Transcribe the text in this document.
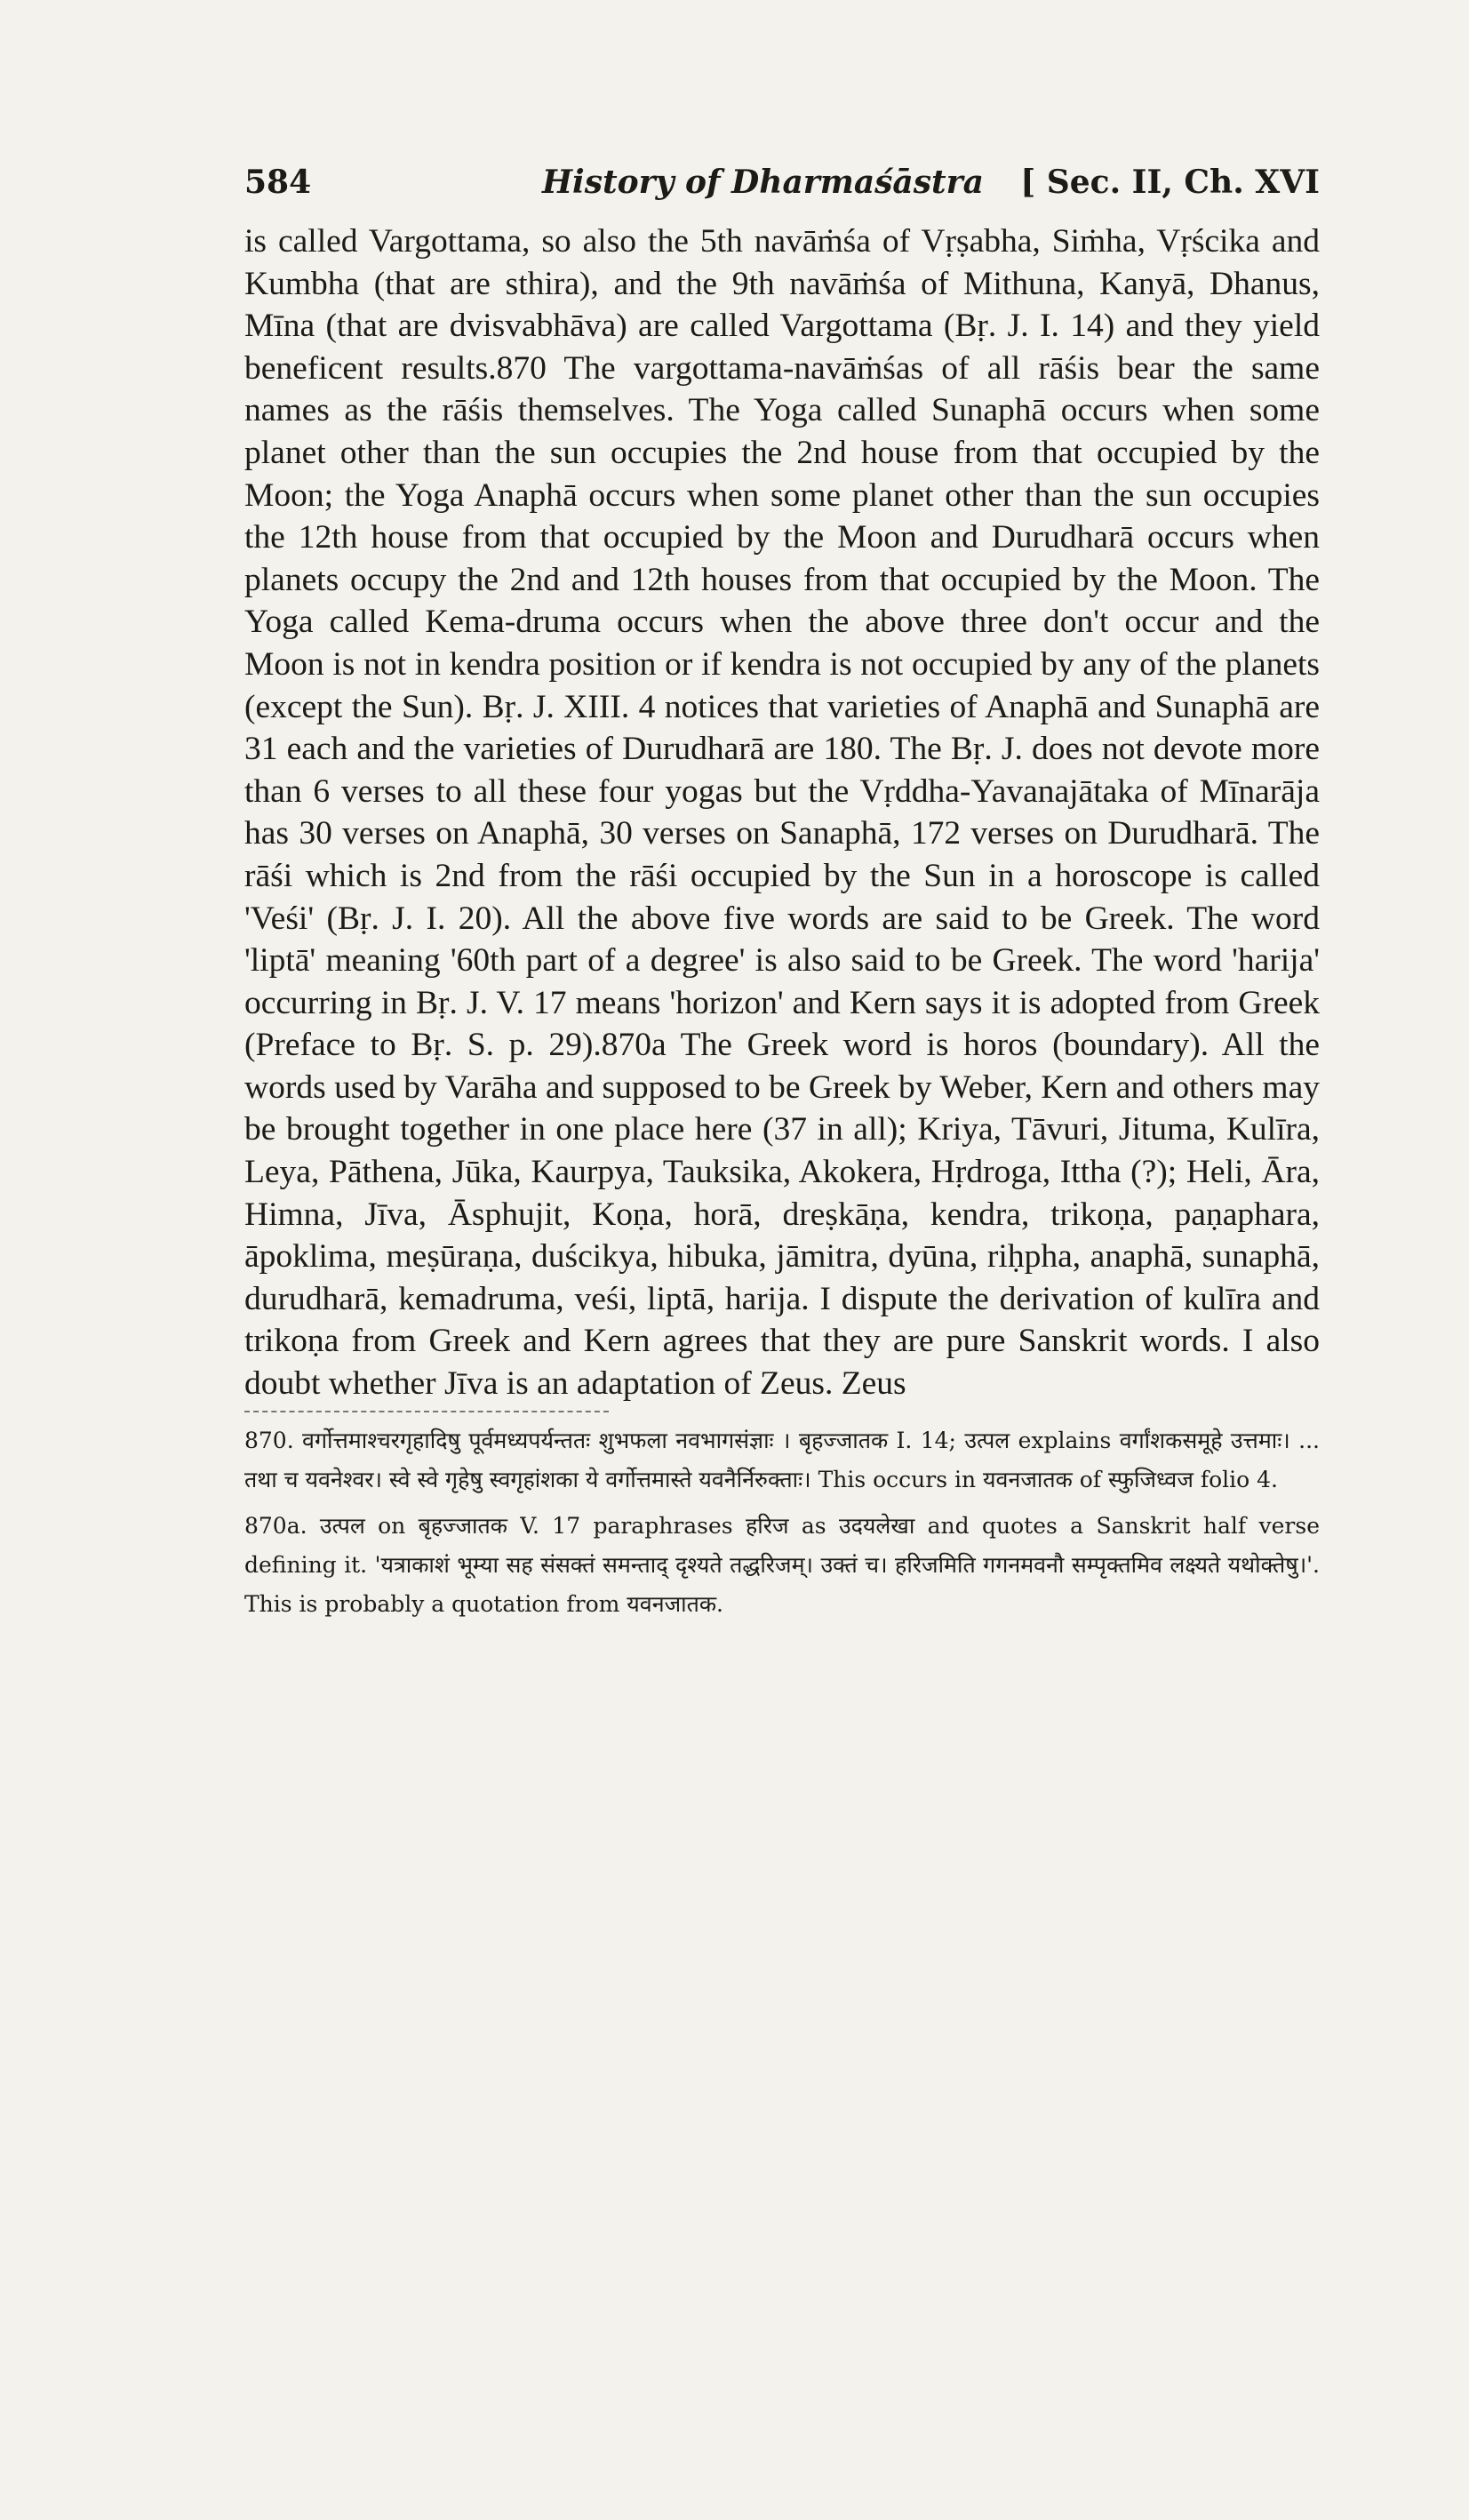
584	History of Dharmaśāstra [ Sec. II, Ch. XVI

is called Vargottama, so also the 5th navāṁśa of Vṛṣabha, Siṁha, Vṛścika and Kumbha (that are sthira), and the 9th navāṁśa of Mithuna, Kanyā, Dhanus, Mīna (that are dvisvabhāva) are called Vargottama (Bṛ. J. I. 14) and they yield beneficent results.870 The vargottama-navāṁśas of all rāśis bear the same names as the rāśis themselves. The Yoga called Sunaphā occurs when some planet other than the sun occupies the 2nd house from that occupied by the Moon; the Yoga Anaphā occurs when some planet other than the sun occupies the 12th house from that occupied by the Moon and Durudharā occurs when planets occupy the 2nd and 12th houses from that occupied by the Moon. The Yoga called Kema-druma occurs when the above three don't occur and the Moon is not in kendra position or if kendra is not occupied by any of the planets (except the Sun). Bṛ. J. XIII. 4 notices that varieties of Anaphā and Sunaphā are 31 each and the varieties of Durudharā are 180. The Bṛ. J. does not devote more than 6 verses to all these four yogas but the Vṛddha-Yavanajātaka of Mīnarāja has 30 verses on Anaphā, 30 verses on Sanaphā, 172 verses on Durudharā. The rāśi which is 2nd from the rāśi occupied by the Sun in a horoscope is called 'Veśi' (Bṛ. J. I. 20). All the above five words are said to be Greek. The word 'liptā' meaning '60th part of a degree' is also said to be Greek. The word 'harija' occurring in Bṛ. J. V. 17 means 'horizon' and Kern says it is adopted from Greek (Preface to Bṛ. S. p. 29).870a The Greek word is horos (boundary). All the words used by Varāha and supposed to be Greek by Weber, Kern and others may be brought together in one place here (37 in all); Kriya, Tāvuri, Jituma, Kulīra, Leya, Pāthena, Jūka, Kaurpya, Tauksika, Akokera, Hṛdroga, Ittha (?); Heli, Āra, Himna, Jīva, Āsphujit, Koṇa, horā, dreṣkāṇa, kendra, trikoṇa, paṇaphara, āpoklima, meṣūraṇa, duścikya, hibuka, jāmitra, dyūna, riḥpha, anaphā, sunaphā, durudharā, kemadruma, veśi, liptā, harija. I dispute the derivation of kulīra and trikoṇa from Greek and Kern agrees that they are pure Sanskrit words. I also doubt whether Jīva is an adaptation of Zeus. Zeus

870. वर्गोत्तमाश्चरगृहादिषु पूर्वमध्यपर्यन्ततः शुभफला नवभागसंज्ञाः । बृहज्जातक I. 14; उत्पल explains वर्गांशकसमूहे उत्तमाः। ... तथा च यवनेश्वर। स्वे स्वे गृहेषु स्वगृहांशका ये वर्गोत्तमास्ते यवनैर्निरुक्ताः। This occurs in यवनजातक of स्फुजिध्वज folio 4.

870a. उत्पल on बृहज्जातक V. 17 paraphrases हरिज as उदयलेखा and quotes a Sanskrit half verse defining it. 'यत्राकाशं भूम्या सह संसक्तं समन्ताद् दृश्यते तद्धरिजम्। उक्तं च। हरिजमिति गगनमवनौ सम्पृक्तमिव लक्ष्यते यथोक्तेषु।'. This is probably a quotation from यवनजातक.
